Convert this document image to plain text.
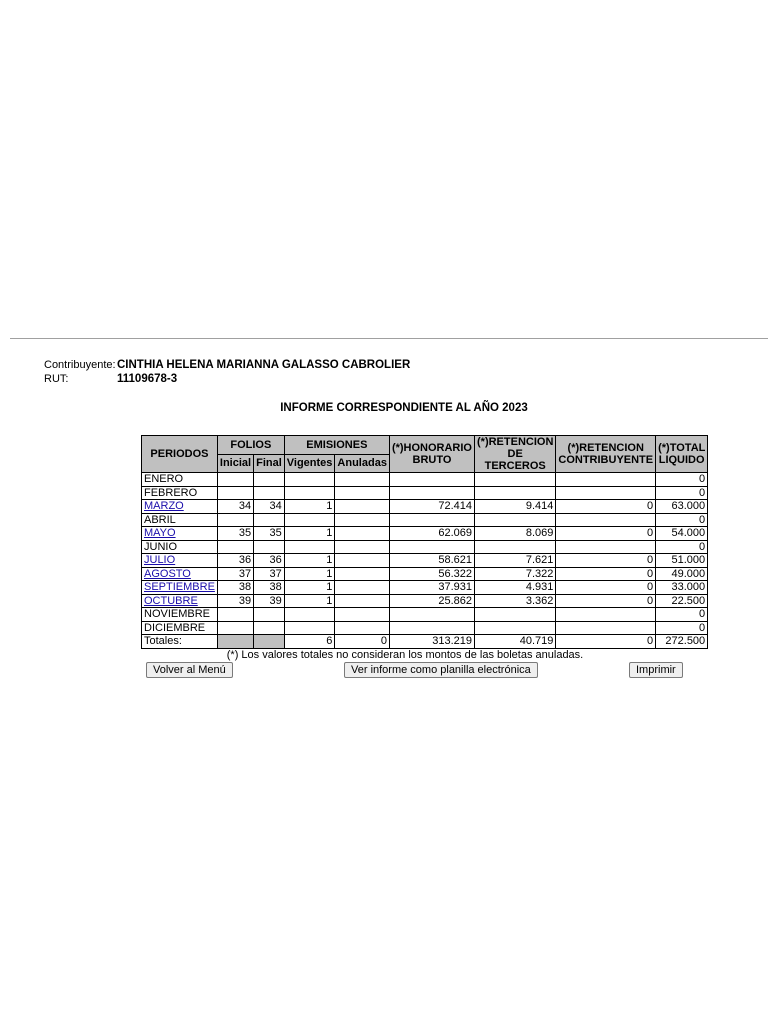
Contribuyente: CINTHIA HELENA MARIANNA GALASSO CABROLIER
RUT:	11109678-3
INFORME CORRESPONDIENTE AL AÑO 2023
PERIODOS	FOLIOS		EMISIONES		(*)HONORARIO BRUTO	(*)RETENCION DE TERCEROS	(*)RETENCION CONTRIBUYENTE	(*)TOTAL LIQUIDO
	Inicial	Final	Vigentes	Anuladas				
ENERO								0
FEBRERO								0
MARZO	34	34	1		72.414	9.414	0	63.000
ABRIL								0
MAYO	35	35	1		62.069	8.069	0	54.000
JUNIO								0
JULIO	36	36	1		58.621	7.621	0	51.000
AGOSTO	37	37	1		56.322	7.322	0	49.000
SEPTIEMBRE	38	38	1		37.931	4.931	0	33.000
OCTUBRE	39	39	1		25.862	3.362	0	22.500
NOVIEMBRE								0
DICIEMBRE								0
Totales:			6	0	313.219	40.719	0	272.500
(*) Los valores totales no consideran los montos de las boletas anuladas.
Volver al Menú	Ver informe como planilla electrónica	Imprimir
